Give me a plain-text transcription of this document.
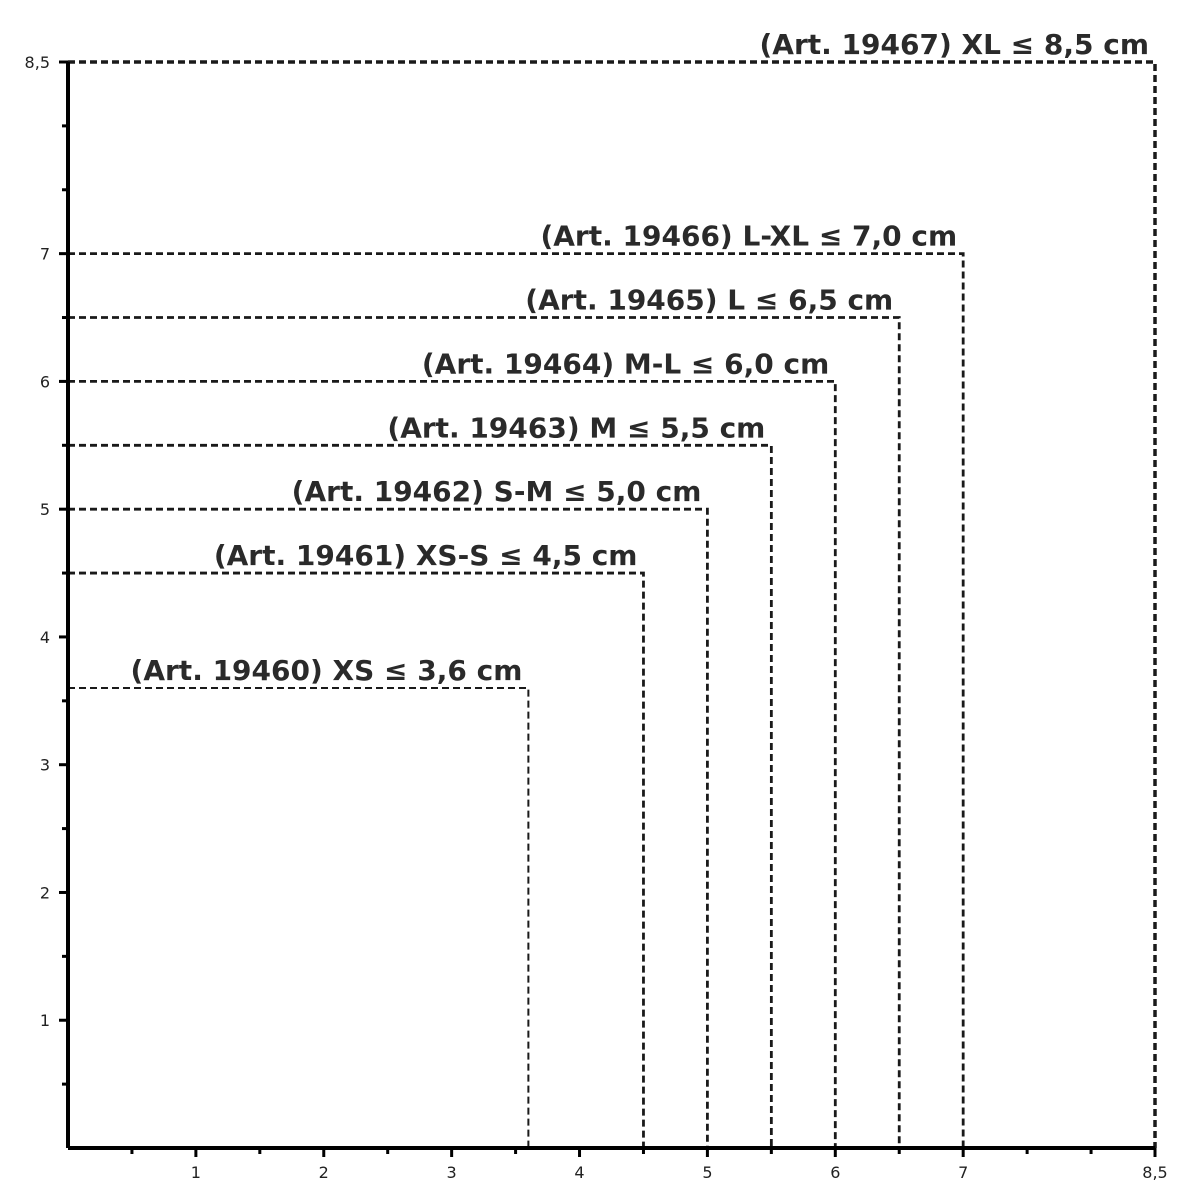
1	2	3	4	5	6	7	8,5
1
2
3
4
5
6
7
8,5
(Art. 19460) XS ≤ 3,6 cm
(Art. 19461) XS-S ≤ 4,5 cm
(Art. 19462) S-M ≤ 5,0 cm
(Art. 19463) M ≤ 5,5 cm
(Art. 19464) M-L ≤ 6,0 cm
(Art. 19465) L ≤ 6,5 cm
(Art. 19466) L-XL ≤ 7,0 cm
(Art. 19467) XL ≤ 8,5 cm
